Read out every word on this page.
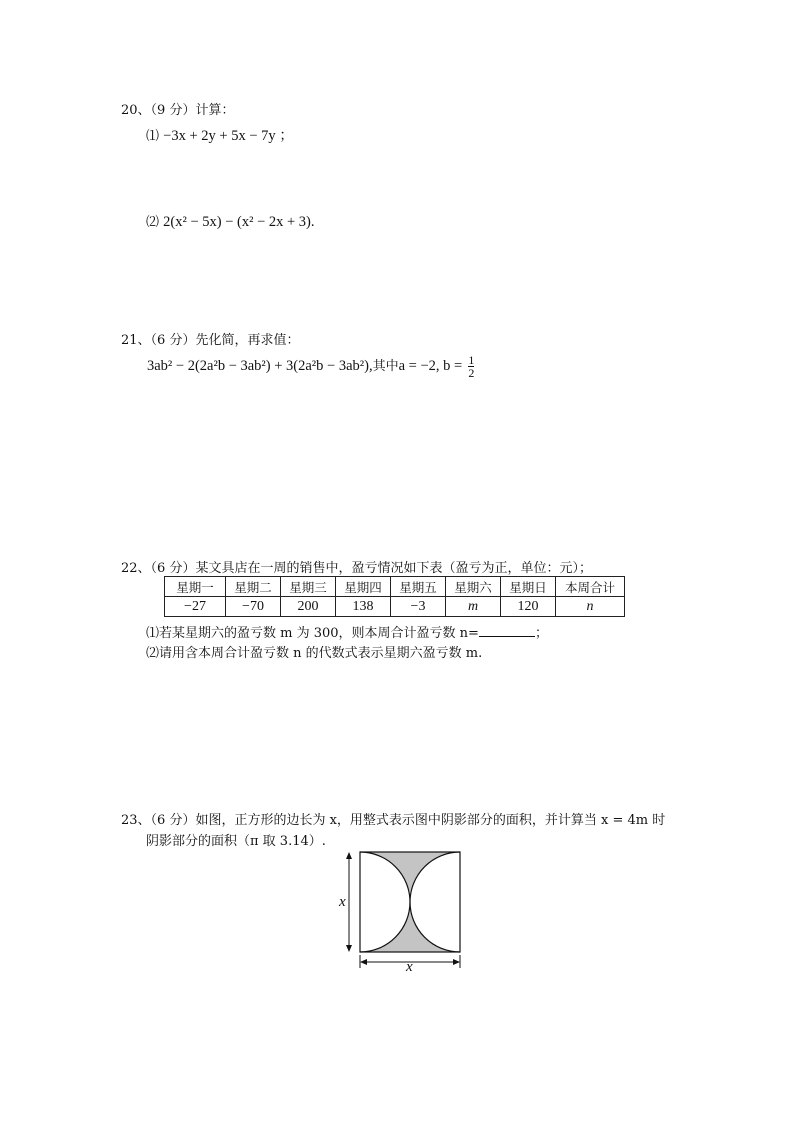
20、（9 分）计算：
⑴ −3x + 2y + 5x − 7y ；
⑵ 2(x² − 5x) − (x² − 2x + 3).
21、（6 分）先化简，再求值：
3ab² − 2(2a²b − 3ab²) + 3(2a²b − 3ab²),其中a = −2, $b = \frac{1}{2}$
22、（6 分）某文具店在一周的销售中，盈亏情况如下表（盈亏为正，单位：元）；
星期一	星期二	星期三	星期四	星期五	星期六	星期日	本周合计
−27	−70	200	138	−3	m	120	n
⑴若某星期六的盈亏数 m 为 300，则本周合计盈亏数 n=	；
⑵请用含本周合计盈亏数 n 的代数式表示星期六盈亏数 m.
23、（6 分）如图，正方形的边长为 x，用整式表示图中阴影部分的面积，并计算当 x = 4m 时
阴影部分的面积（π 取 3.14）.
x
x
